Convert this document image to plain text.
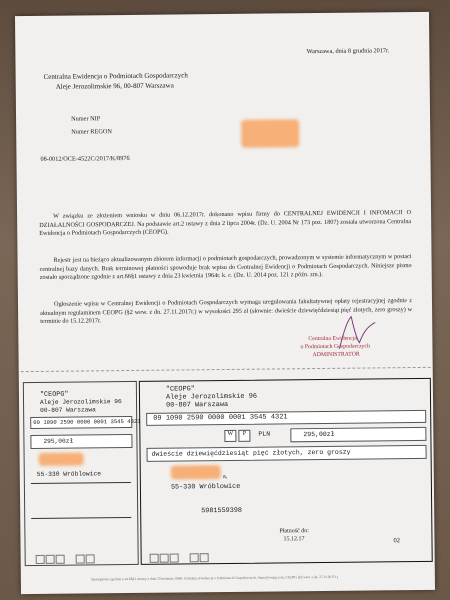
Warszawa, dnia 8 grudnia 2017r.
Centralna Ewidencja o Podmiotach Gospodarczych
Aleje Jerozolimskie 96, 00-807 Warszawa
Numer NIP
Numer REGON
08-0012/OCE-4522C/2017/K/8976
W związku ze złożeniem wniosku w dniu 06.12.2017r. dokonano wpisu firmy do CENTRALNEJ EWIDENCJI I INFOMACJI O DZIAŁALNOŚCI GOSPODARCZEJ. Na podstawie art.2 ustawy z dnia 2 lipca 2004r. (Dz. U. 2004 Nr 173 poz. 1807) została utworzona Centralna Ewidencja o Podmiotach Gospodarczych (CEOPG).
Rejestr jest na bieżąco aktualizowanym zbiorem informacji o podmiotach gospodarczych, prowadzonym w systemie informatycznym w postaci centralnej bazy danych. Brak terminowej płatności spowoduje brak wpisu do Centralnej Ewidencji o Podmiotach Gospodarczych. Niniejsze pismo zostało sporządzone zgodnie z art.66§1 ustawy z dnia 23 kwietnia 1964r. k. c. (Dz. U. 2014 poz. 121 z późn. zm.).
Ogłoszenie wpisu w Centralnej Ewidencji o Podmiotach Gospodarczych wymaga uregulowania fakultatywnej opłaty rejestracyjnej zgodnie z aktualnym regulaminem CEOPG (§2 wew. z dn. 27.11.2017r.) w wysokości 295 zł (słownie: dwieście dziewięćdziesiąt pięć złotych, zero groszy) w terminie do 15.12.2017r.
Centralna Ewidencja
o Podmiotach Gospodarczych
ADMINISTRATOR
"CEOPG"
Aleje Jerozolimskie 96
00-807 Warszawa
09 1090 2590 0000 0001 3545 4321
295,00zł
55-330 Wróblowice

"CEOPG"
Aleje Jerozolimskie 96
00-807 Warszawa
09 1090 2590 0000 0001 3545 4321
W	P	PLN	295,00zł
dwieście dziewięćdziesiąt pięć złotych, zero groszy
a,
55-330 Wróblowice
5981559398
Płatność do:
15.12.17	02

Sporządzono zgodnie z art.66§1 ustawy z dnia 23 kwietnia 1964r. Centralna Ewidencja o Podmiotach Gospodarczych, biuro@ceopg.com, CEOPG (§2 wew. z dn. 27.11.2017r.)
